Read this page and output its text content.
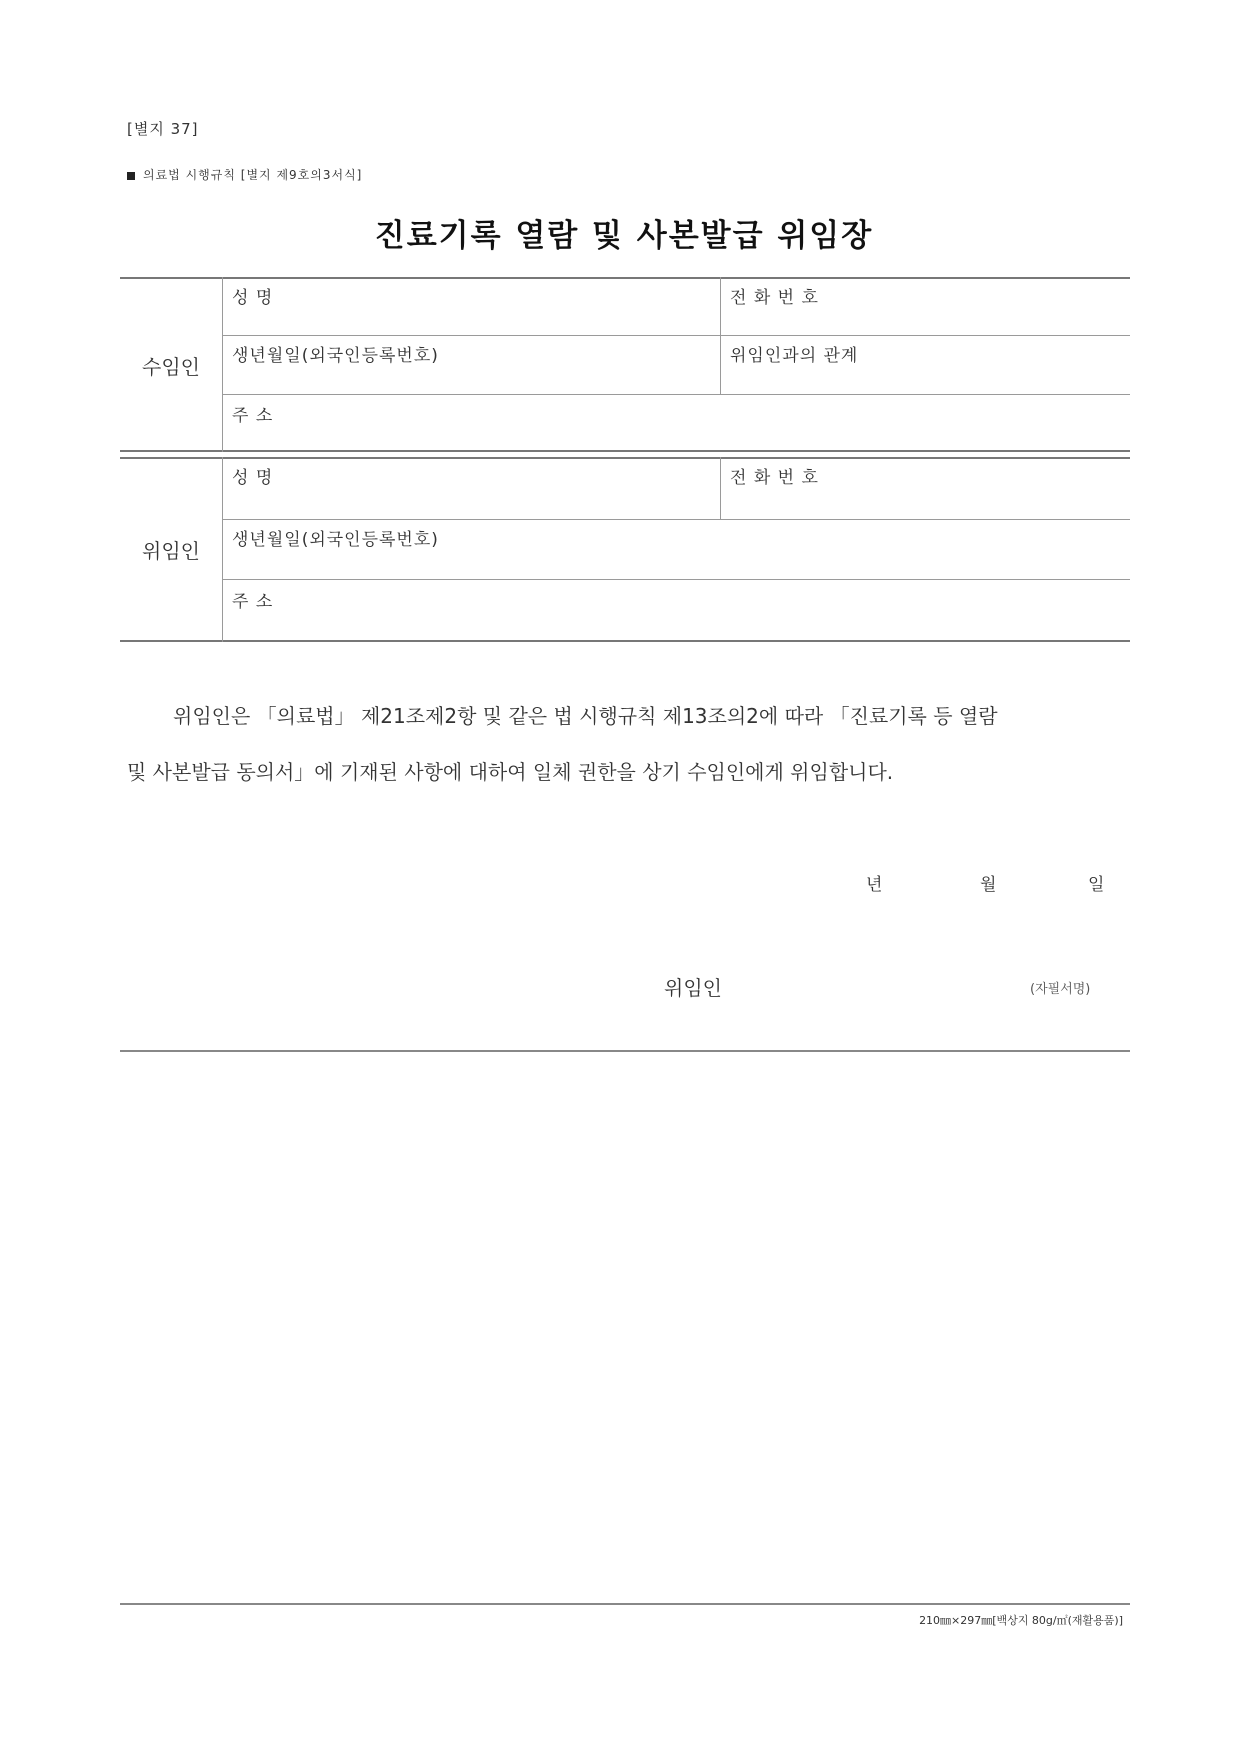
[별지 37]
의료법 시행규칙 [별지 제9호의3서식]
진료기록 열람 및 사본발급 위임장
수임인
성 명	전 화 번 호
생년월일(외국인등록번호)	위임인과의 관계
주 소
위임인
성 명	전 화 번 호
생년월일(외국인등록번호)
주 소
위임인은 「의료법」 제21조제2항 및 같은 법 시행규칙 제13조의2에 따라 「진료기록 등 열람
및 사본발급 동의서」에 기재된 사항에 대하여 일체 권한을 상기 수임인에게 위임합니다.
년	월	일
위임인	(자필서명)
210㎜×297㎜[백상지 80g/㎡(재활용품)]
